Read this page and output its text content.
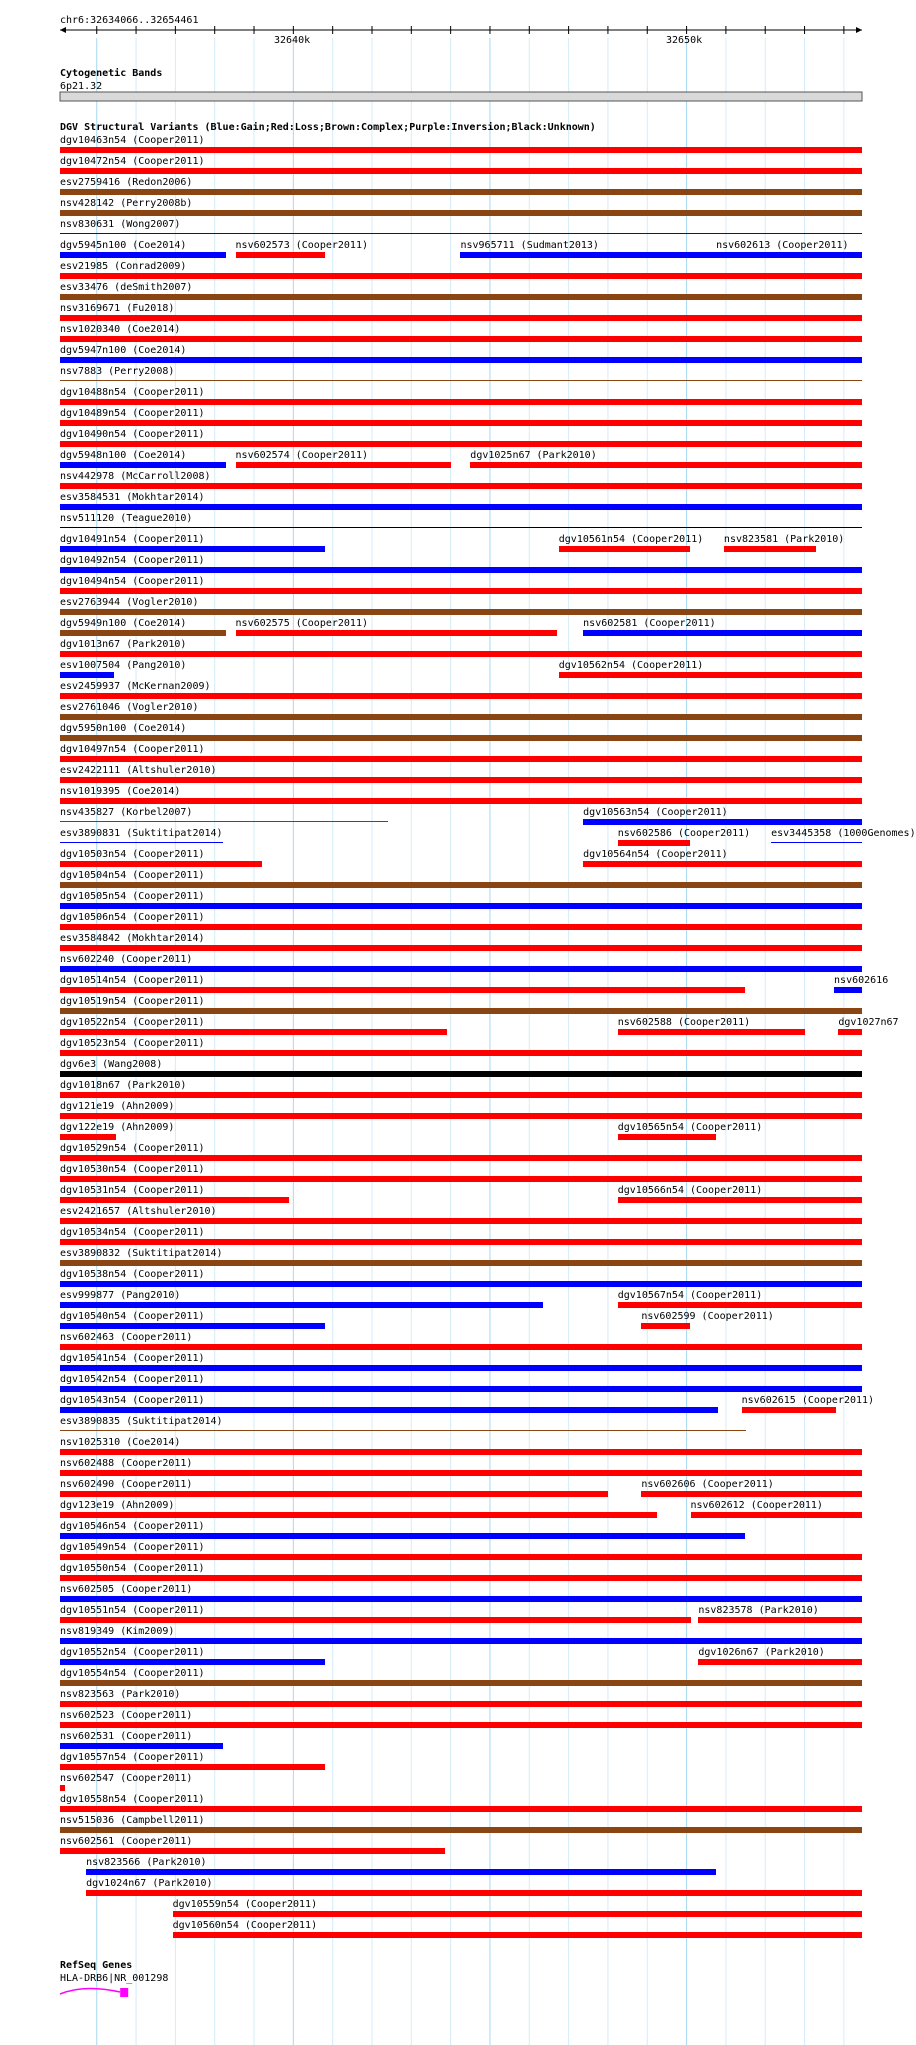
chr6:32634066..32654461
32640k	32650k
Cytogenetic Bands
6p21.32
DGV Structural Variants (Blue:Gain;Red:Loss;Brown:Complex;Purple:Inversion;Black:Unknown)
dgv10463n54 (Cooper2011)
dgv10472n54 (Cooper2011)
esv2759416 (Redon2006)
nsv428142 (Perry2008b)
nsv830631 (Wong2007)
dgv5945n100 (Coe2014)	nsv602573 (Cooper2011)	nsv965711 (Sudmant2013)	nsv602613 (Cooper2011)
esv21985 (Conrad2009)
esv33476 (deSmith2007)
nsv3169671 (Fu2018)
nsv1020340 (Coe2014)
dgv5947n100 (Coe2014)
nsv7883 (Perry2008)
dgv10488n54 (Cooper2011)
dgv10489n54 (Cooper2011)
dgv10490n54 (Cooper2011)
dgv5948n100 (Coe2014)	nsv602574 (Cooper2011)	dgv1025n67 (Park2010)
nsv442978 (McCarroll2008)
esv3584531 (Mokhtar2014)
nsv511120 (Teague2010)
dgv10491n54 (Cooper2011)	dgv10561n54 (Cooper2011) nsv823581 (Park2010)
dgv10492n54 (Cooper2011)
dgv10494n54 (Cooper2011)
esv2763944 (Vogler2010)
dgv5949n100 (Coe2014)	nsv602575 (Cooper2011)	nsv602581 (Cooper2011)
dgv1013n67 (Park2010)
esv1007504 (Pang2010)	dgv10562n54 (Cooper2011)
esv2459937 (McKernan2009)
esv2761046 (Vogler2010)
dgv5950n100 (Coe2014)
dgv10497n54 (Cooper2011)
esv2422111 (Altshuler2010)
nsv1019395 (Coe2014)
nsv435827 (Korbel2007)	dgv10563n54 (Cooper2011)
esv3890831 (Suktitipat2014)	nsv602586 (Cooper2011) esv3445358 (1000Genomes)
dgv10503n54 (Cooper2011)	dgv10564n54 (Cooper2011)
dgv10504n54 (Cooper2011)
dgv10505n54 (Cooper2011)
dgv10506n54 (Cooper2011)
esv3584842 (Mokhtar2014)
nsv602240 (Cooper2011)
dgv10514n54 (Cooper2011)	nsv602616
dgv10519n54 (Cooper2011)
dgv10522n54 (Cooper2011)	nsv602588 (Cooper2011)	dgv1027n67
dgv10523n54 (Cooper2011)
dgv6e3 (Wang2008)
dgv1018n67 (Park2010)
dgv121e19 (Ahn2009)
dgv122e19 (Ahn2009)	dgv10565n54 (Cooper2011)
dgv10529n54 (Cooper2011)
dgv10530n54 (Cooper2011)
dgv10531n54 (Cooper2011)	dgv10566n54 (Cooper2011)
esv2421657 (Altshuler2010)
dgv10534n54 (Cooper2011)
esv3890832 (Suktitipat2014)
dgv10538n54 (Cooper2011)
esv999877 (Pang2010)	dgv10567n54 (Cooper2011)
dgv10540n54 (Cooper2011)	nsv602599 (Cooper2011)
nsv602463 (Cooper2011)
dgv10541n54 (Cooper2011)
dgv10542n54 (Cooper2011)
dgv10543n54 (Cooper2011)	nsv602615 (Cooper2011)
esv3890835 (Suktitipat2014)
nsv1025310 (Coe2014)
nsv602488 (Cooper2011)
nsv602490 (Cooper2011)	nsv602606 (Cooper2011)
dgv123e19 (Ahn2009)	nsv602612 (Cooper2011)
dgv10546n54 (Cooper2011)
dgv10549n54 (Cooper2011)
dgv10550n54 (Cooper2011)
nsv602505 (Cooper2011)
dgv10551n54 (Cooper2011)	nsv823578 (Park2010)
nsv819349 (Kim2009)
dgv10552n54 (Cooper2011)	dgv1026n67 (Park2010)
dgv10554n54 (Cooper2011)
nsv823563 (Park2010)
nsv602523 (Cooper2011)
nsv602531 (Cooper2011)
dgv10557n54 (Cooper2011)
nsv602547 (Cooper2011)
dgv10558n54 (Cooper2011)
nsv515036 (Campbell2011)
nsv602561 (Cooper2011)
nsv823566 (Park2010)
dgv1024n67 (Park2010)
dgv10559n54 (Cooper2011)
dgv10560n54 (Cooper2011)
RefSeq Genes
HLA-DRB6|NR_001298
